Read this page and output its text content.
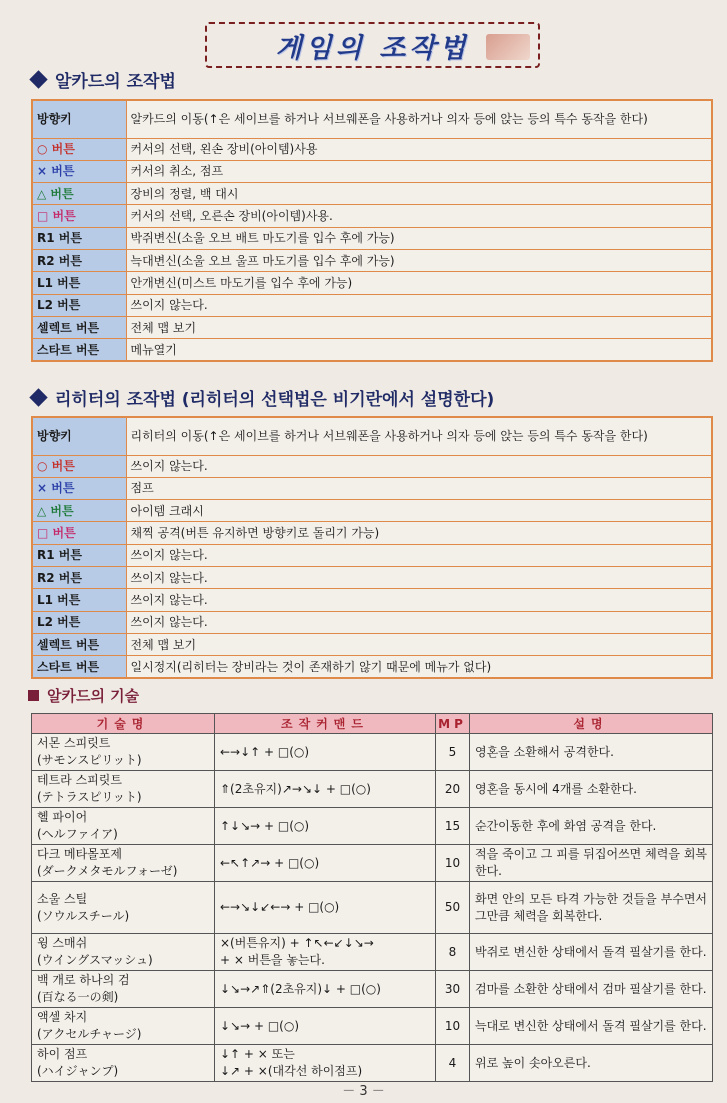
게임의 조작법
알카드의 조작법
방향키	알카드의 이동(↑은 세이브를 하거나 서브웨폰을 사용하거나 의자 등에 앉는 등의 특수 동작을 한다)
○ 버튼	커서의 선택, 왼손 장비(아이템)사용
× 버튼	커서의 취소, 점프
△ 버튼	장비의 정렬, 백 대시
□ 버튼	커서의 선택, 오른손 장비(아이템)사용.
R1 버튼	박쥐변신(소울 오브 배트 마도기를 입수 후에 가능)
R2 버튼	늑대변신(소울 오브 울프 마도기를 입수 후에 가능)
L1 버튼	안개변신(미스트 마도기를 입수 후에 가능)
L2 버튼	쓰이지 않는다.
셀렉트 버튼	전체 맵 보기
스타트 버튼	메뉴열기
리히터의 조작법 (리히터의 선택법은 비기란에서 설명한다)
방향키	리히터의 이동(↑은 세이브를 하거나 서브웨폰을 사용하거나 의자 등에 앉는 등의 특수 동작을 한다)
○ 버튼	쓰이지 않는다.
× 버튼	점프
△ 버튼	아이템 크래시
□ 버튼	채찍 공격(버튼 유지하면 방향키로 돌리기 가능)
R1 버튼	쓰이지 않는다.
R2 버튼	쓰이지 않는다.
L1 버튼	쓰이지 않는다.
L2 버튼	쓰이지 않는다.
셀렉트 버튼	전체 맵 보기
스타트 버튼	일시정지(리히터는 장비라는 것이 존재하기 않기 때문에 메뉴가 없다)
알카드의 기술
기술명	조작커맨드	MP	설명

서몬 스피릿트
(サモンスピリット)	←→↓↑ + □(○)	5	영혼을 소환해서 공격한다.

테트라 스피릿트
(テトラスピリット)	⇑(2초유지)↗→↘↓ + □(○)	20	영혼을 동시에 4개를 소환한다.

헬 파이어
(ヘルファイア)	↑↓↘→ + □(○)	15	순간이동한 후에 화염 공격을 한다.

다크 메타몰포제
(ダークメタモルフォーゼ)	←↖↑↗→ + □(○)	10	적을 죽이고 그 피를 뒤집어쓰면 체력을 회복한다.

소울 스틸
(ソウルスチール)	←→↘↓↙←→ + □(○)	50	화면 안의 모든 타격 가능한 것들을 부수면서 그만큼 체력을 회복한다.

윙 스매쉬
(ウイングスマッシュ)	×(버튼유지) + ↑↖←↙↓↘→
+ × 버튼을 놓는다.	8	박쥐로 변신한 상태에서 돌격 필살기를 한다.

백 개로 하나의 검
(百なる一の剣)	↓↘→↗⇑(2초유지)↓ + □(○)	30	검마를 소환한 상태에서 검마 필살기를 한다.

액셀 차지
(アクセルチャージ)	↓↘→ + □(○)	10	늑대로 변신한 상태에서 돌격 필살기를 한다.

하이 점프
(ハイジャンプ)	↓↑ + × 또는
↓↗ + ×(대각선 하이점프)	4	위로 높이 솟아오른다.
－ 3 －
